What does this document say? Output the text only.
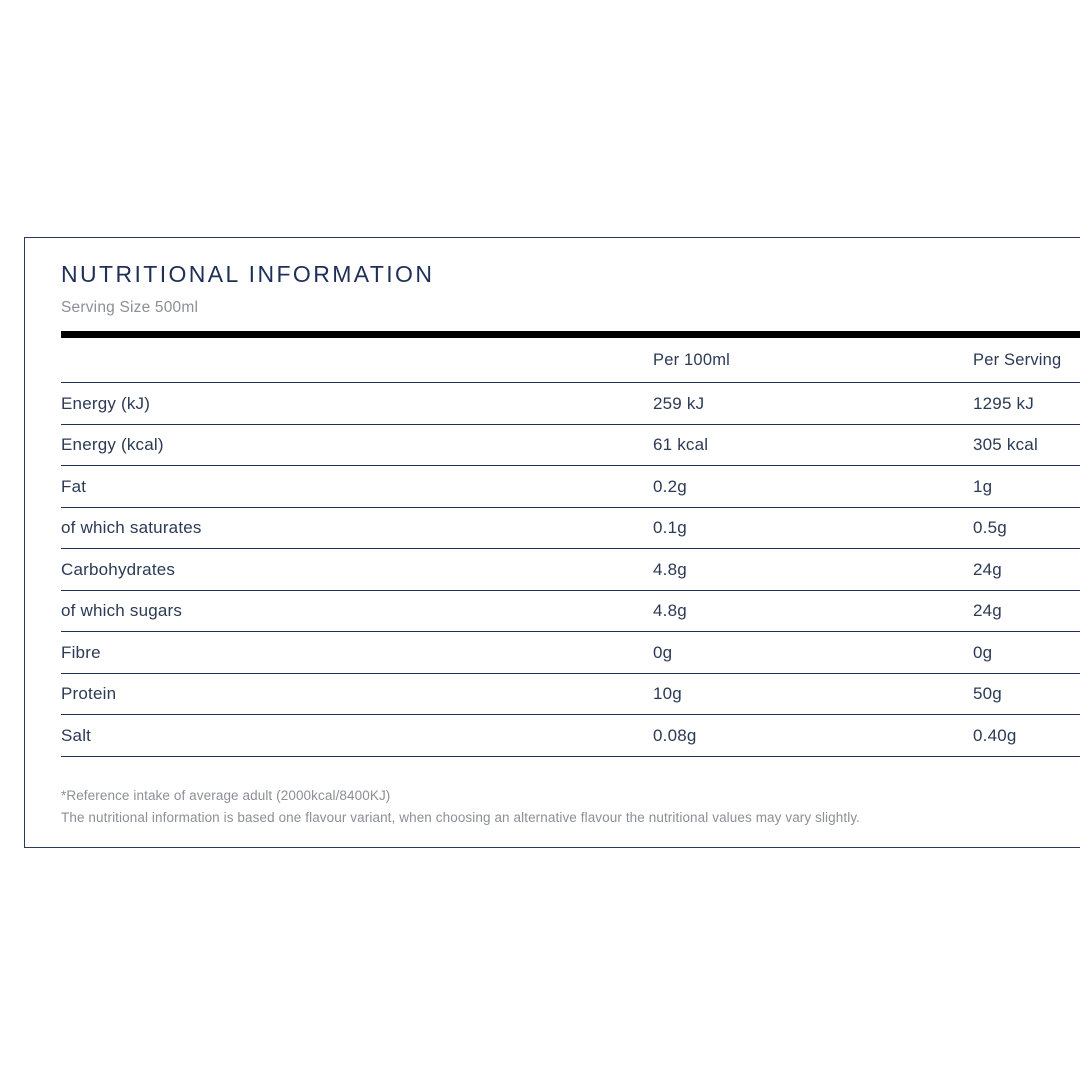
NUTRITIONAL INFORMATION
Serving Size 500ml
	Per 100ml	Per Serving
Energy (kJ)	259 kJ	1295 kJ
Energy (kcal)	61 kcal	305 kcal
Fat	0.2g	1g
of which saturates	0.1g	0.5g
Carbohydrates	4.8g	24g
of which sugars	4.8g	24g
Fibre	0g	0g
Protein	10g	50g
Salt	0.08g	0.40g
*Reference intake of average adult (2000kcal/8400KJ)
The nutritional information is based one flavour variant, when choosing an alternative flavour the nutritional values may vary slightly.
